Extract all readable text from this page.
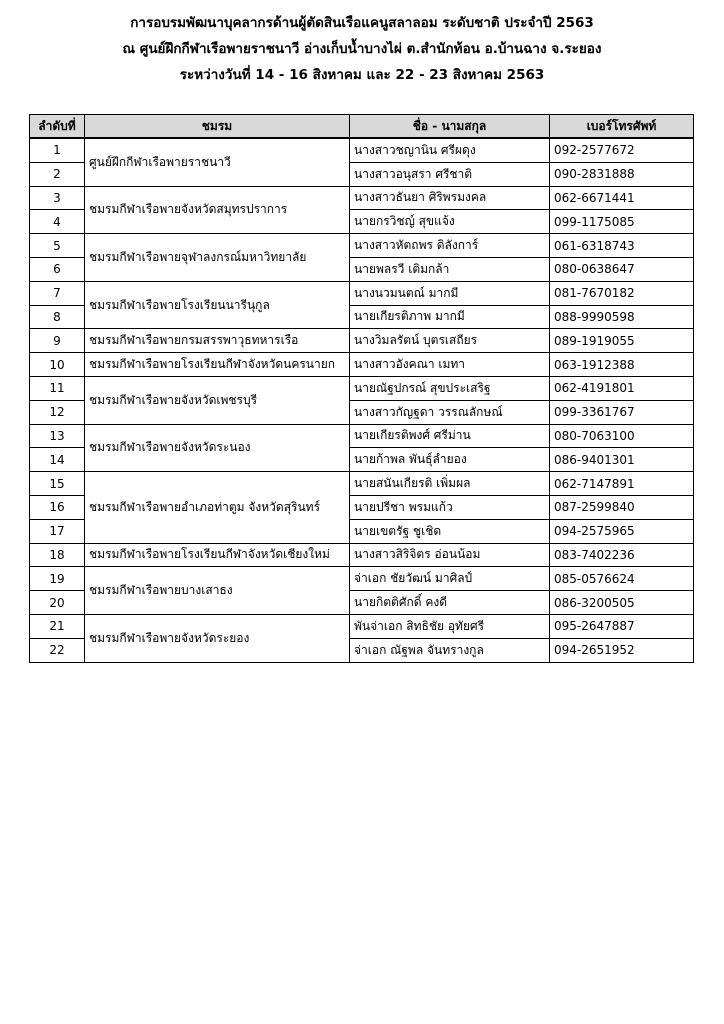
การอบรมพัฒนาบุคลากรด้านผู้ตัดสินเรือแคนูสลาลอม ระดับชาติ ประจำปี 2563
ณ ศูนย์ฝึกกีฬาเรือพายราชนาวี อ่างเก็บน้ำบางไผ่ ต.สำนักท้อน อ.บ้านฉาง จ.ระยอง
ระหว่างวันที่ 14 - 16 สิงหาคม และ 22 - 23 สิงหาคม 2563
ลำดับที่	ชมรม	ชื่อ - นามสกุล	เบอร์โทรศัพท์
1	ศูนย์ฝึกกีฬาเรือพายราชนาวี	นางสาวชญานิน ศรีผดุง	092-2577672
2		นางสาวอนุสรา ศรีชาติ	090-2831888
3	ชมรมกีฬาเรือพายจังหวัดสมุทรปราการ	นางสาวธันยา ศิริพรมงคล	062-6671441
4		นายกรวิชญ์ สุขแจ้ง	099-1175085
5	ชมรมกีฬาเรือพายจุฬาลงกรณ์มหาวิทยาลัย	นางสาวหัตถพร ดิลังการ์	061-6318743
6		นายพลรวี เติมกล้า	080-0638647
7	ชมรมกีฬาเรือพายโรงเรียนนารีนุกูล	นางนวมนตณ์ มากมี	081-7670182
8		นายเกียรติภาพ มากมี	088-9990598
9	ชมรมกีฬาเรือพายกรมสรรพาวุธทหารเรือ	นางวิมลรัตน์ บุตรเสถียร	089-1919055
10	ชมรมกีฬาเรือพายโรงเรียนกีฬาจังหวัดนครนายก	นางสาวอังคณา เมทา	063-1912388
11	ชมรมกีฬาเรือพายจังหวัดเพชรบุรี	นายณัฐปกรณ์ สุขประเสริฐ	062-4191801
12		นางสาวกัญฐดา วรรณลักษณ์	099-3361767
13	ชมรมกีฬาเรือพายจังหวัดระนอง	นายเกียรติพงศ์ ศรีม่าน	080-7063100
14		นายก้าพล พันธุ์ลำยอง	086-9401301
15	ชมรมกีฬาเรือพายอำเภอท่าตูม จังหวัดสุรินทร์	นายสนันเกียรติ เพิ่มผล	062-7147891
16		นายปรีชา พรมแก้ว	087-2599840
17		นายเขตรัฐ ชูเชิด	094-2575965
18	ชมรมกีฬาเรือพายโรงเรียนกีฬาจังหวัดเชียงใหม่	นางสาวสิริจิตร อ่อนน้อม	083-7402236
19	ชมรมกีฬาเรือพายบางเสาธง	จ่าเอก ชัยวัฒน์ มาศิลป์	085-0576624
20		นายกิตติศักดิ์ คงดี	086-3200505
21	ชมรมกีฬาเรือพายจังหวัดระยอง	พันจ่าเอก สิทธิชัย อุทัยศรี	095-2647887
22		จ่าเอก ณัฐพล จันทรางกูล	094-2651952
